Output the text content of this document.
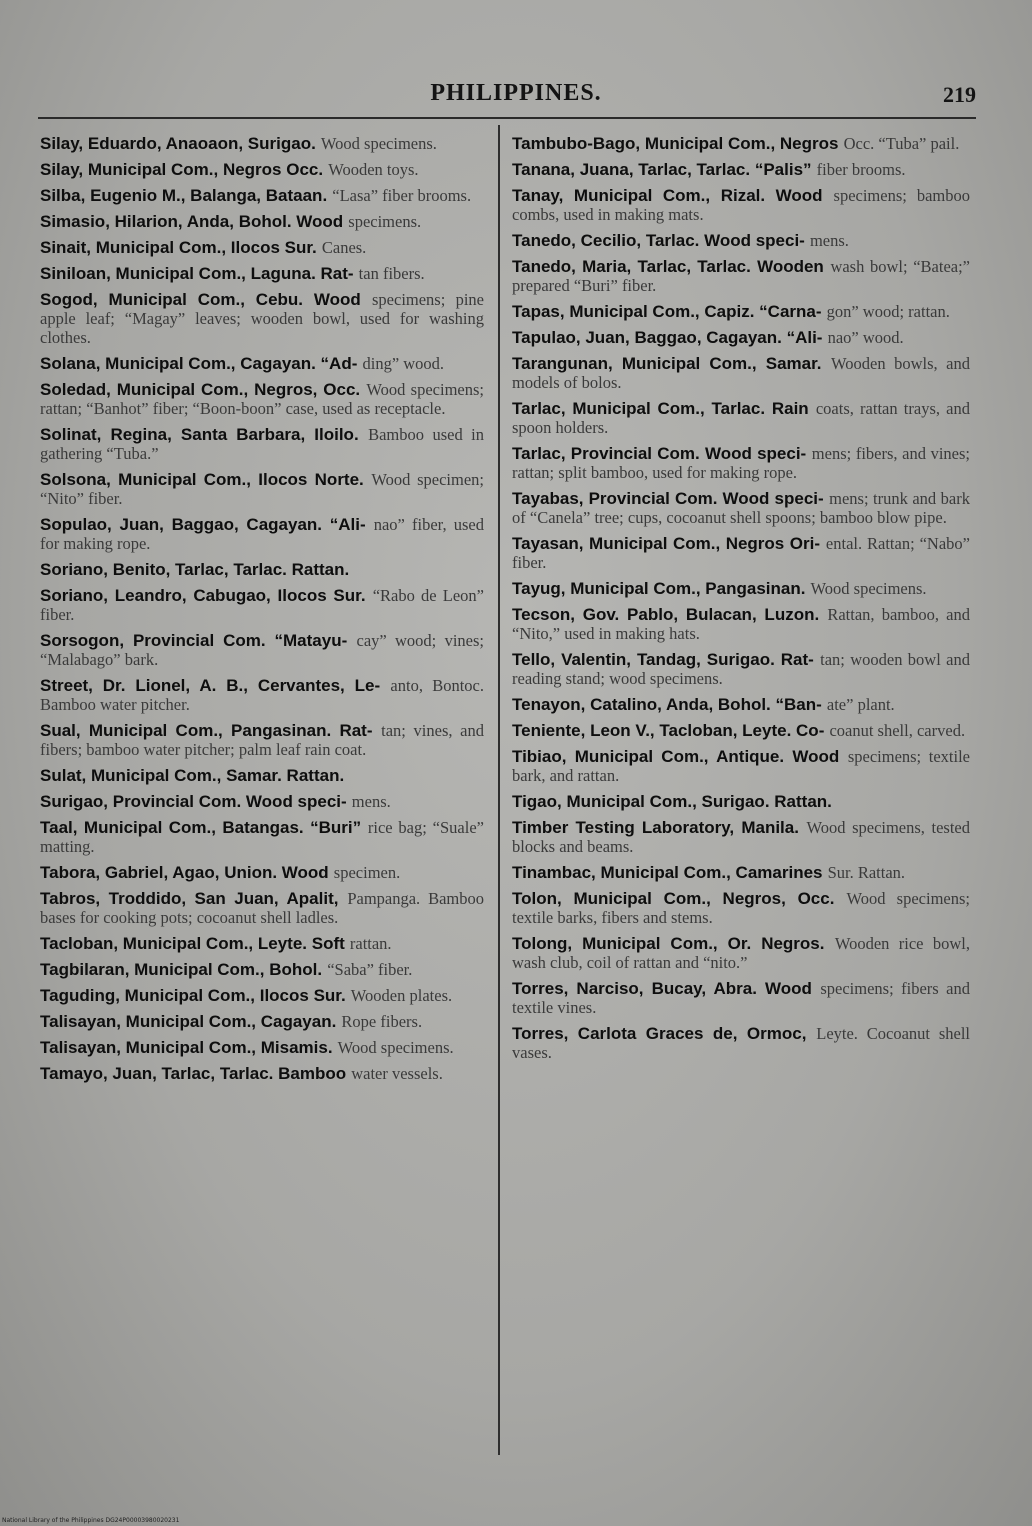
PHILIPPINES.	219
Silay, Eduardo, Anaoaon, Surigao. Wood specimens.
Silay, Municipal Com., Negros Occ. Wooden toys.
Silba, Eugenio M., Balanga, Bataan. “Lasa” fiber brooms.
Simasio, Hilarion, Anda, Bohol. Wood specimens.
Sinait, Municipal Com., Ilocos Sur. Canes.
Siniloan, Municipal Com., Laguna. Rat- tan fibers.
Sogod, Municipal Com., Cebu. Wood specimens; pine apple leaf; “Magay” leaves; wooden bowl, used for washing clothes.
Solana, Municipal Com., Cagayan. “Ad- ding” wood.
Soledad, Municipal Com., Negros, Occ. Wood specimens; rattan; “Banhot” fiber; “Boon-boon” case, used as receptacle.
Solinat, Regina, Santa Barbara, Iloilo. Bamboo used in gathering “Tuba.”
Solsona, Municipal Com., Ilocos Norte. Wood specimen; “Nito” fiber.
Sopulao, Juan, Baggao, Cagayan. “Ali- nao” fiber, used for making rope.
Soriano, Benito, Tarlac, Tarlac. Rattan.
Soriano, Leandro, Cabugao, Ilocos Sur. “Rabo de Leon” fiber.
Sorsogon, Provincial Com. “Matayu- cay” wood; vines; “Malabago” bark.
Street, Dr. Lionel, A. B., Cervantes, Le- anto, Bontoc. Bamboo water pitcher.
Sual, Municipal Com., Pangasinan. Rat- tan; vines, and fibers; bamboo water pitcher; palm leaf rain coat.
Sulat, Municipal Com., Samar. Rattan.
Surigao, Provincial Com. Wood speci- mens.
Taal, Municipal Com., Batangas. “Buri” rice bag; “Suale” matting.
Tabora, Gabriel, Agao, Union. Wood specimen.
Tabros, Troddido, San Juan, Apalit, Pampanga. Bamboo bases for cooking pots; cocoanut shell ladles.
Tacloban, Municipal Com., Leyte. Soft rattan.
Tagbilaran, Municipal Com., Bohol. “Saba” fiber.
Taguding, Municipal Com., Ilocos Sur. Wooden plates.
Talisayan, Municipal Com., Cagayan. Rope fibers.
Talisayan, Municipal Com., Misamis. Wood specimens.
Tamayo, Juan, Tarlac, Tarlac. Bamboo water vessels.
Tambubo-Bago, Municipal Com., Negros Occ. “Tuba” pail.
Tanana, Juana, Tarlac, Tarlac. “Palis” fiber brooms.
Tanay, Municipal Com., Rizal. Wood specimens; bamboo combs, used in making mats.
Tanedo, Cecilio, Tarlac. Wood speci- mens.
Tanedo, Maria, Tarlac, Tarlac. Wooden wash bowl; “Batea;” prepared “Buri” fiber.
Tapas, Municipal Com., Capiz. “Carna- gon” wood; rattan.
Tapulao, Juan, Baggao, Cagayan. “Ali- nao” wood.
Tarangunan, Municipal Com., Samar. Wooden bowls, and models of bolos.
Tarlac, Municipal Com., Tarlac. Rain coats, rattan trays, and spoon holders.
Tarlac, Provincial Com. Wood speci- mens; fibers, and vines; rattan; split bamboo, used for making rope.
Tayabas, Provincial Com. Wood speci- mens; trunk and bark of “Canela” tree; cups, cocoanut shell spoons; bamboo blow pipe.
Tayasan, Municipal Com., Negros Ori- ental. Rattan; “Nabo” fiber.
Tayug, Municipal Com., Pangasinan. Wood specimens.
Tecson, Gov. Pablo, Bulacan, Luzon. Rattan, bamboo, and “Nito,” used in making hats.
Tello, Valentin, Tandag, Surigao. Rat- tan; wooden bowl and reading stand; wood specimens.
Tenayon, Catalino, Anda, Bohol. “Ban- ate” plant.
Teniente, Leon V., Tacloban, Leyte. Co- coanut shell, carved.
Tibiao, Municipal Com., Antique. Wood specimens; textile bark, and rattan.
Tigao, Municipal Com., Surigao. Rattan.
Timber Testing Laboratory, Manila. Wood specimens, tested blocks and beams.
Tinambac, Municipal Com., Camarines Sur. Rattan.
Tolon, Municipal Com., Negros, Occ. Wood specimens; textile barks, fibers and stems.
Tolong, Municipal Com., Or. Negros. Wooden rice bowl, wash club, coil of rattan and “nito.”
Torres, Narciso, Bucay, Abra. Wood specimens; fibers and textile vines.
Torres, Carlota Graces de, Ormoc, Leyte. Cocoanut shell vases.
National Library of the Philippines DG24P00003980020231
